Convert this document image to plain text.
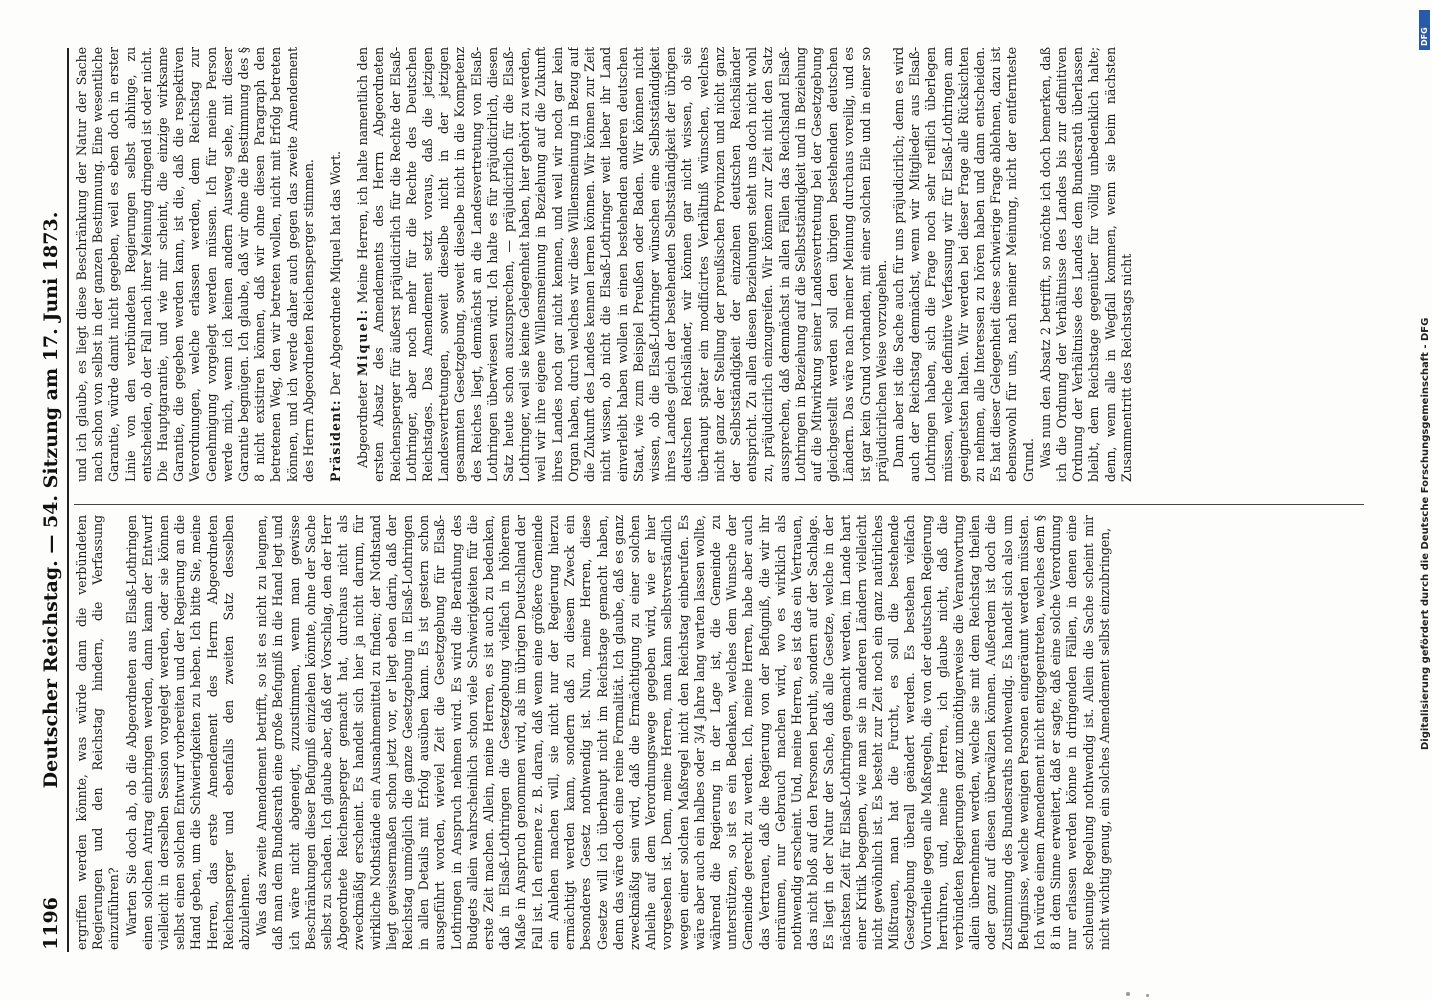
1196
Deutscher Reichstag. — 54. Sitzung am 17. Juni 1873. ergriffen werden könnte, was würde dann die verbündeten Regierungen und den Reichstag hindern, die Verfassung einzuführen? Warten Sie doch ab, ob die Abgeordneten aus Elsaß-Lothringen einen solchen Antrag einbringen werden, dann kann der Entwurf vielleicht in derselben Session vorgelegt werden, oder sie können selbst einen solchen Entwurf vorbereiten und der Regierung an die Hand geben, um die Schwierigkeiten zu heben. Ich bitte Sie, meine Herren, das erste Amendement des Herrn Abgeordneten Reichensperger und ebenfalls den zweiten Satz desselben abzulehnen. Was das zweite Amendement betrifft, so ist es nicht zu leugnen, daß man dem Bundesrath eine große Befugniß in die Hand legt und ich wäre nicht abgeneigt, zuzustimmen, wenn man gewisse Beschränkungen dieser Befugniß einziehen könnte, ohne der Sache selbst zu schaden. Ich glaube aber, daß der Vorschlag, den der Herr Abgeordnete Reichensperger gemacht hat, durchaus nicht als zweckmäßig erscheint. Es handelt sich hier ja nicht darum, für wirkliche Nothstände ein Ausnahmemittel zu finden; der Nothstand liegt gewissermaßen schon jetzt vor, er liegt eben darin, daß der Reichstag unmöglich die ganze Gesetzgebung in Elsaß-Lothringen in allen Details mit Erfolg ausüben kann. Es ist gestern schon ausgeführt worden, wieviel Zeit die Gesetzgebung für Elsaß-Lothringen in Anspruch nehmen wird. Es wird die Berathung des Budgets allein wahrscheinlich schon viele Schwierigkeiten für die erste Zeit machen. Allein, meine Herren, es ist auch zu bedenken, daß in Elsaß-Lothringen die Gesetzgebung vielfach in höherem Maße in Anspruch genommen wird, als im übrigen Deutschland der Fall ist. Ich erinnere z. B. daran, daß wenn eine größere Gemeinde ein Anlehen machen will, sie nicht nur der Regierung hierzu ermächtigt werden kann, sondern daß zu diesem Zweck ein besonderes Gesetz nothwendig ist. Nun, meine Herren, diese Gesetze will ich überhaupt nicht im Reichstage gemacht haben, denn das wäre doch eine reine Formalität. Ich glaube, daß es ganz zweckmäßig sein wird, daß die Ermächtigung zu einer solchen Anleihe auf dem Verordnungswege gegeben wird, wie er hier vorgesehen ist. Denn, meine Herren, man kann selbstverständlich wegen einer solchen Maßregel nicht den Reichstag einberufen. Es wäre aber auch ein halbes oder 3/4 Jahre lang warten lassen wollte, während die Regierung in der Lage ist, die Gemeinde zu unterstützen, so ist es ein Bedenken, welches dem Wunsche der Gemeinde gerecht zu werden. Ich, meine Herren, habe aber auch das Vertrauen, daß die Regierung von der Befugniß, die wir ihr einräumen, nur Gebrauch machen wird, wo es wirklich als nothwendig erscheint. Und, meine Herren, es ist das ein Vertrauen, das nicht bloß auf den Personen beruht, sondern auf der Sachlage. Es liegt in der Natur der Sache, daß alle Gesetze, welche in der nächsten Zeit für Elsaß-Lothringen gemacht werden, im Lande hart einer Kritik begegnen, wie man sie in anderen Ländern vielleicht nicht gewöhnlich ist. Es besteht zur Zeit noch ein ganz natürliches Mißtrauen, man hat die Furcht, es soll die bestehende Gesetzgebung überall geändert werden. Es bestehen vielfach Vorurtheile gegen alle Maßregeln, die von der deutschen Regierung herrühren, und, meine Herren, ich glaube nicht, daß die verbündeten Regierungen ganz unnöthigerweise die Verantwortung allein übernehmen werden, welche sie mit dem Reichstag theilen oder ganz auf diesen überwälzen können. Außerdem ist doch die Zustimmung des Bundesraths nothwendig. Es handelt sich also um Befugnisse, welche wenigen Personen eingeräumt werden müssten. Ich würde einem Amendement nicht entgegentreten, welches dem § 8 in dem Sinne erweitert, daß er sagte, daß eine solche Verordnung nur erlassen werden könne in dringenden Fällen, in denen eine schleunige Regelung nothwendig ist. Allein die Sache scheint mir nicht wichtig genug, ein solches Amendement selbst einzubringen,

und ich glaube, es liegt diese Beschränkung der Natur der Sache nach schon von selbst in der ganzen Bestimmung. Eine wesentliche Garantie, würde damit nicht gegeben, weil es eben doch in erster Linie von den verbündeten Regierungen selbst abhinge, zu entscheiden, ob der Fall nach ihrer Meinung dringend ist oder nicht. Die Hauptgarantie, und wie mir scheint, die einzige wirksame Garantie, die gegeben werden kann, ist die, daß die respektiven Verordnungen, welche erlassen werden, dem Reichstag zur Genehmigung vorgelegt werden müssen. Ich für meine Person werde mich, wenn ich keinen andern Ausweg sehe, mit dieser Garantie begnügen. Ich glaube, daß wir ohne die Bestimmung des § 8 nicht existiren können, daß wir ohne diesen Paragraph den betretenen Weg, den wir betreten wollen, nicht mit Erfolg betreten können, und ich werde daher auch gegen das zweite Amendement des Herrn Abgeordneten Reichensperger stimmen. Präsident: Der Abgeordnete Miquel hat das Wort.

Abgeordneter Miquel: Meine Herren, ich halte namentlich den ersten Absatz des Amendements des Herrn Abgeordneten Reichensperger für äußerst präjudicirlich für die Rechte der Elsaß-Lothringer, aber noch mehr für die Rechte des Deutschen Reichstages. Das Amendement setzt voraus, daß die jetzigen Landesvertretungen, soweit dieselbe nicht in der jetzigen gesammten Gesetzgebung, soweit dieselbe nicht in die Kompetenz des Reiches liegt, demnächst an die Landesvertretung von Elsaß-Lothringen überwiesen wird. Ich halte es für präjudicirlich, diesen Satz heute schon auszusprechen, — präjudicirlich für die Elsaß-Lothringer, weil sie keine Gelegenheit haben, hier gehört zu werden, weil wir ihre eigene Willensmeinung in Beziehung auf die Zukunft ihres Landes noch gar nicht kennen, und weil wir noch gar kein Organ haben, durch welches wir diese Willensmeinung in Bezug auf die Zukunft des Landes kennen lernen können. Wir können zur Zeit nicht wissen, ob nicht die Elsaß-Lothringer weit lieber ihr Land einverleibt haben wollen in einen bestehenden anderen deutschen Staat, wie zum Beispiel Preußen oder Baden. Wir können nicht wissen, ob die Elsaß-Lothringer wünschen eine Selbstständigkeit ihres Landes gleich der bestehenden Selbstständigkeit der übrigen deutschen Reichsländer, wir können gar nicht wissen, ob sie überhaupt später ein modificirtes Verhältniß wünschen, welches nicht ganz der Stellung der preußischen Provinzen und nicht ganz der Selbstständigkeit der einzelnen deutschen Reichsländer entspricht. Zu allen diesen Beziehungen steht uns doch nicht wohl zu, präjudicirlich einzugreifen. Wir können zur Zeit nicht den Satz aussprechen, daß demnächst in allen Fällen das Reichsland Elsaß-Lothringen in Beziehung auf die Selbstständigkeit und in Beziehung auf die Mitwirkung seiner Landesvertretung bei der Gesetzgebung gleichgestellt werden soll den übrigen bestehenden deutschen Ländern. Das wäre nach meiner Meinung durchaus voreilig, und es ist gar kein Grund vorhanden, mit einer solchen Eile und in einer so präjudicirlichen Weise vorzugehen. Dann aber ist die Sache auch für uns präjudicirlich; denn es wird auch der Reichstag demnächst, wenn wir Mitglieder aus Elsaß-Lothringen haben, sich die Frage noch sehr reiflich überlegen müssen, welche definitive Verfassung wir für Elsaß-Lothringen am geeignetsten halten. Wir werden bei dieser Frage alle Rücksichten zu nehmen, alle Interessen zu hören haben und dann entscheiden. Es hat dieser Gelegenheit diese schwierige Frage ablehnen, dazu ist ebensowohl für uns, nach meiner Meinung, nicht der entfernteste Grund. Was nun den Absatz 2 betrifft, so möchte ich doch bemerken, daß ich die Ordnung der Verhältnisse des Landes bis zur definitiven Ordnung der Verhältnisse des Landes dem Bundesrath überlassen bleibt, dem Reichstage gegenüber für völlig unbedenklich halte; denn, wenn alle in Wegfall kommen, wenn sie beim nächsten Zusammentritt des Reichstags nicht	Digitalisierung gefördert durch die Deutsche Forschungsgemeinschaft - DFG
DFG
